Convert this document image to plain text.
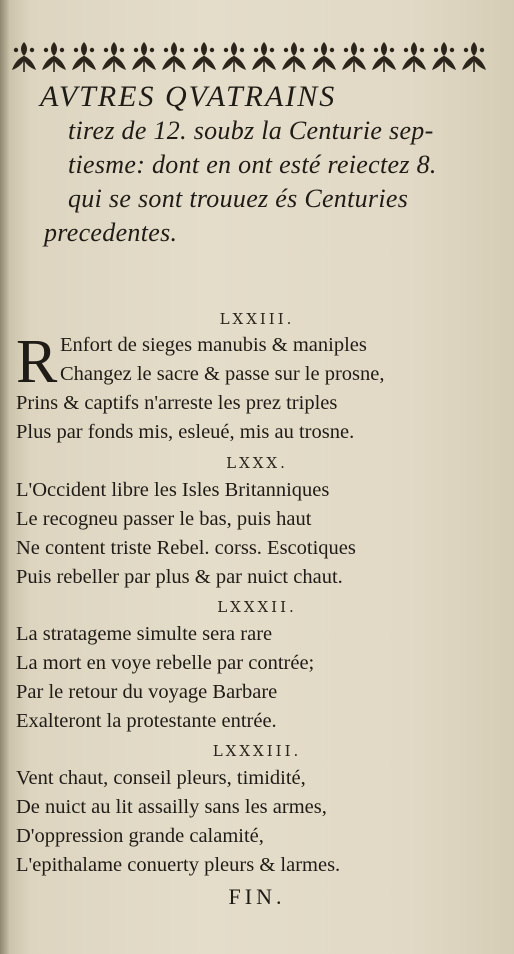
AVTRES QVATRAINS
tirez de 12. soubz la Centurie sep-
tiesme: dont en ont esté reiectez 8.
qui se sont trouuez és Centuries
precedentes.
LXXIII.
R Enfort de sieges manubis & maniples
Changez le sacre & passe sur le prosne,
Prins & captifs n'arreste les prez triples
Plus par fonds mis, esleué, mis au trosne.
LXXX.
L'Occident libre les Isles Britanniques
Le recogneu passer le bas, puis haut
Ne content triste Rebel. corss. Escotiques
Puis rebeller par plus & par nuict chaut.
LXXXII.
La stratageme simulte sera rare
La mort en voye rebelle par contrée;
Par le retour du voyage Barbare
Exalteront la protestante entrée.
LXXXIII.
Vent chaut, conseil pleurs, timidité,
De nuict au lit assailly sans les armes,
D'oppression grande calamité,
L'epithalame conuerty pleurs & larmes.
FIN.
